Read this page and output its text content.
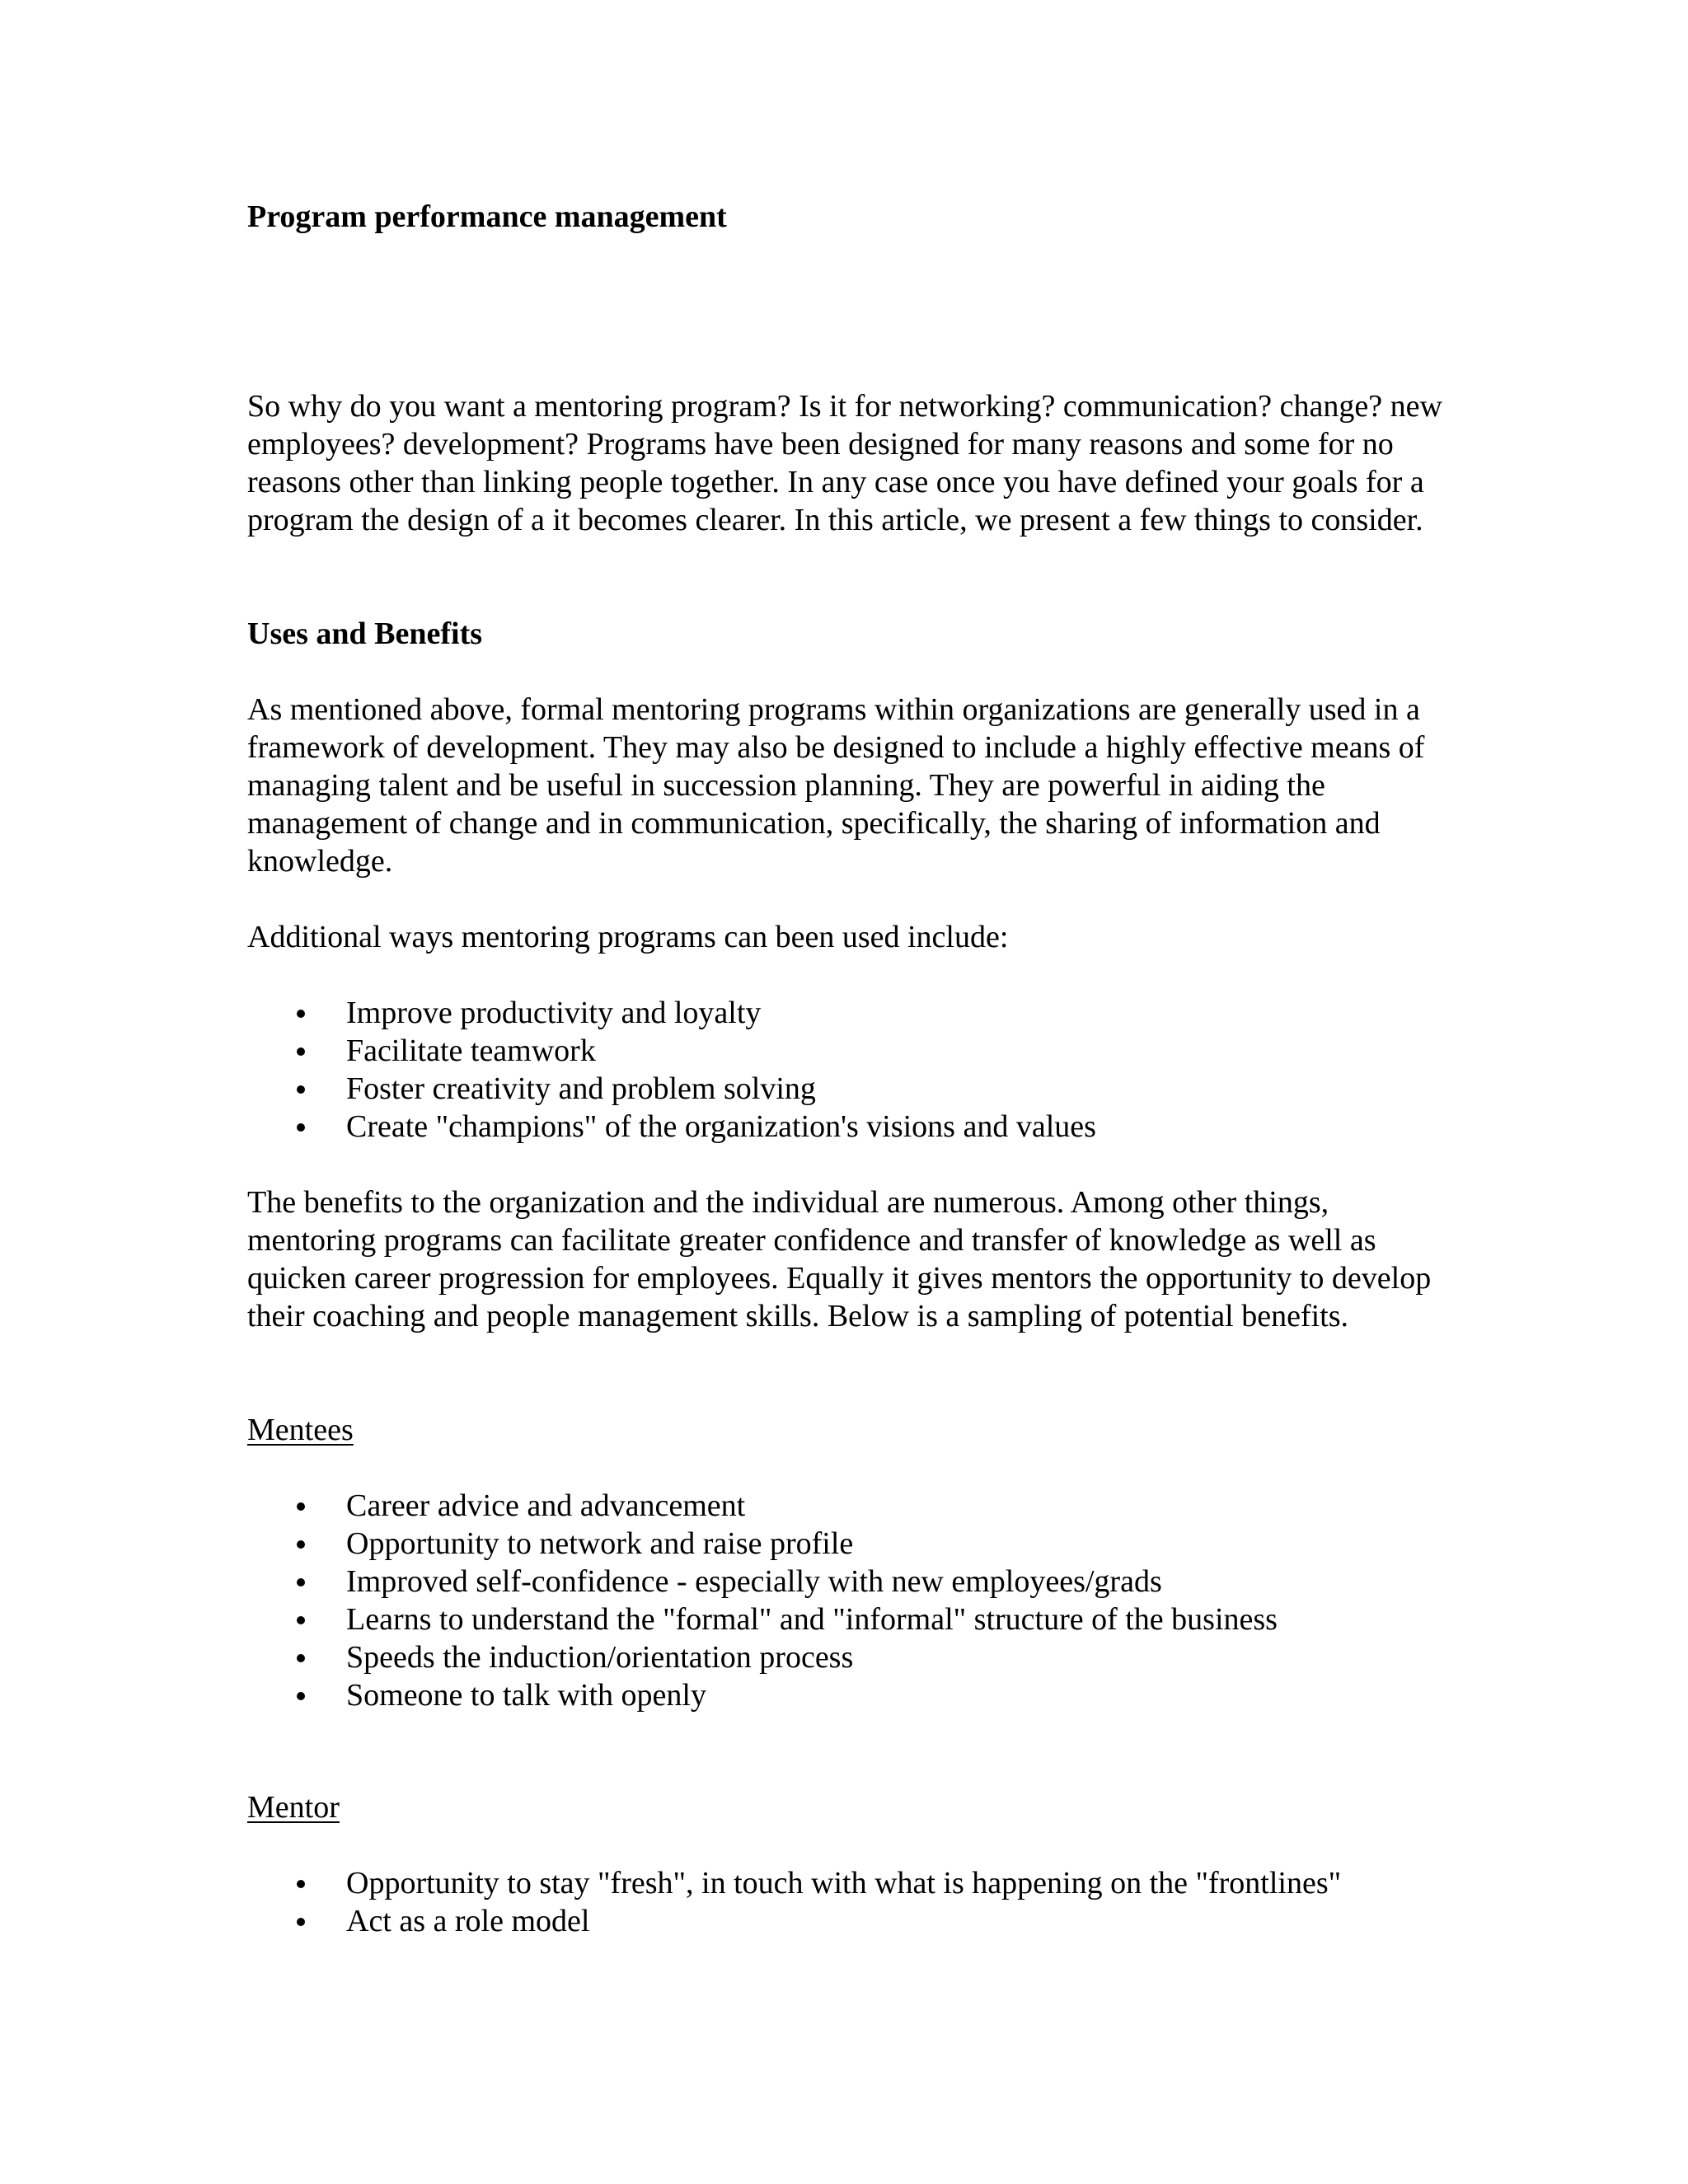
Program performance management

So why do you want a mentoring program? Is it for networking? communication? change? new employees? development? Programs have been designed for many reasons and some for no reasons other than linking people together. In any case once you have defined your goals for a program the design of a it becomes clearer. In this article, we present a few things to consider.

Uses and Benefits

As mentioned above, formal mentoring programs within organizations are generally used in a framework of development. They may also be designed to include a highly effective means of managing talent and be useful in succession planning. They are powerful in aiding the management of change and in communication, specifically, the sharing of information and knowledge.

Additional ways mentoring programs can been used include:

Improve productivity and loyalty
Facilitate teamwork
Foster creativity and problem solving
Create "champions" of the organization's visions and values

The benefits to the organization and the individual are numerous. Among other things, mentoring programs can facilitate greater confidence and transfer of knowledge as well as quicken career progression for employees. Equally it gives mentors the opportunity to develop their coaching and people management skills. Below is a sampling of potential benefits.

Mentees

Career advice and advancement
Opportunity to network and raise profile
Improved self-confidence - especially with new employees/grads
Learns to understand the "formal" and "informal" structure of the business
Speeds the induction/orientation process
Someone to talk with openly

Mentor

Opportunity to stay "fresh", in touch with what is happening on the "frontlines"
Act as a role model
